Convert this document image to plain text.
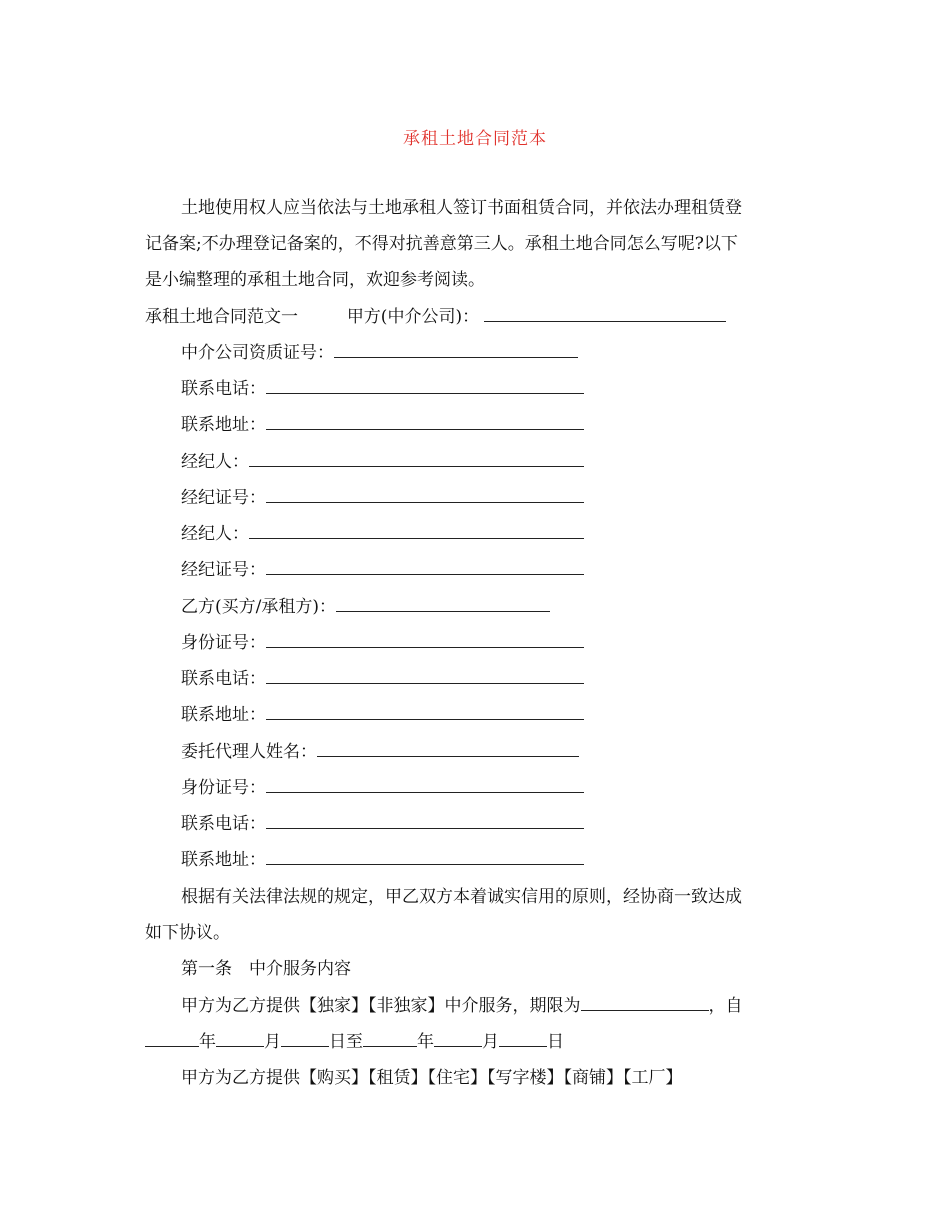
承租土地合同范本
土地使用权人应当依法与土地承租人签订书面租赁合同，并依法办理租赁登
记备案;不办理登记备案的，不得对抗善意第三人。承租土地合同怎么写呢?以下
是小编整理的承租土地合同，欢迎参考阅读。
承租土地合同范文一	甲方(中介公司)：
中介公司资质证号：
联系电话：
联系地址：
经纪人：
经纪证号：
经纪人：
经纪证号：
乙方(买方/承租方)：
身份证号：
联系电话：
联系地址：
委托代理人姓名：
身份证号：
联系电话：
联系地址：
根据有关法律法规的规定，甲乙双方本着诚实信用的原则，经协商一致达成
如下协议。
第一条　中介服务内容
甲方为乙方提供【独家】【非独家】中介服务，期限为	，自
年	月	日至	年	月	日
甲方为乙方提供【购买】【租赁】【住宅】【写字楼】【商铺】【工厂】
